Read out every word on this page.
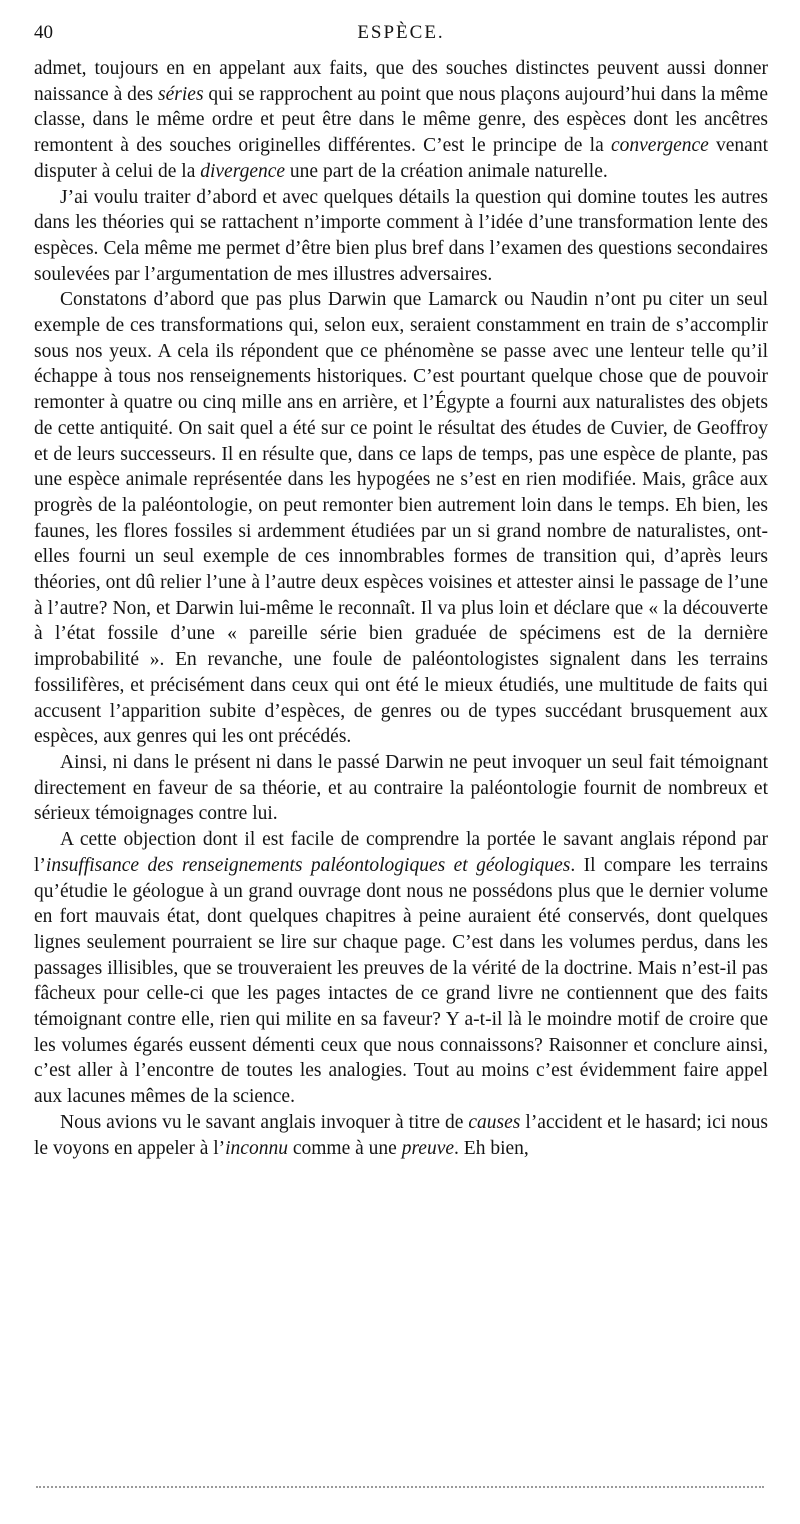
40	ESPÈCE.

admet, toujours en en appelant aux faits, que des souches distinctes peuvent aussi donner naissance à des séries qui se rapprochent au point que nous plaçons aujourd’hui dans la même classe, dans le même ordre et peut être dans le même genre, des espèces dont les ancêtres remontent à des souches originelles différentes. C’est le principe de la convergence venant disputer à celui de la divergence une part de la création animale naturelle.

J’ai voulu traiter d’abord et avec quelques détails la question qui domine toutes les autres dans les théories qui se rattachent n’importe comment à l’idée d’une transformation lente des espèces. Cela même me permet d’être bien plus bref dans l’examen des questions secondaires soulevées par l’argumentation de mes illustres adversaires.

Constatons d’abord que pas plus Darwin que Lamarck ou Naudin n’ont pu citer un seul exemple de ces transformations qui, selon eux, seraient constamment en train de s’accomplir sous nos yeux. A cela ils répondent que ce phénomène se passe avec une lenteur telle qu’il échappe à tous nos renseignements historiques. C’est pourtant quelque chose que de pouvoir remonter à quatre ou cinq mille ans en arrière, et l’Égypte a fourni aux naturalistes des objets de cette antiquité. On sait quel a été sur ce point le résultat des études de Cuvier, de Geoffroy et de leurs successeurs. Il en résulte que, dans ce laps de temps, pas une espèce de plante, pas une espèce animale représentée dans les hypogées ne s’est en rien modifiée. Mais, grâce aux progrès de la paléontologie, on peut remonter bien autrement loin dans le temps. Eh bien, les faunes, les flores fossiles si ardemment étudiées par un si grand nombre de naturalistes, ont-elles fourni un seul exemple de ces innombrables formes de transition qui, d’après leurs théories, ont dû relier l’une à l’autre deux espèces voisines et attester ainsi le passage de l’une à l’autre? Non, et Darwin lui-même le reconnaît. Il va plus loin et déclare que « la découverte à l’état fossile d’une « pareille série bien graduée de spécimens est de la dernière improbabilité ». En revanche, une foule de paléontologistes signalent dans les terrains fossilifères, et précisément dans ceux qui ont été le mieux étudiés, une multitude de faits qui accusent l’apparition subite d’espèces, de genres ou de types succédant brusquement aux espèces, aux genres qui les ont précédés.

Ainsi, ni dans le présent ni dans le passé Darwin ne peut invoquer un seul fait témoignant directement en faveur de sa théorie, et au contraire la paléontologie fournit de nombreux et sérieux témoignages contre lui.

A cette objection dont il est facile de comprendre la portée le savant anglais répond par l’insuffisance des renseignements paléontologiques et géologiques. Il compare les terrains qu’étudie le géologue à un grand ouvrage dont nous ne possédons plus que le dernier volume en fort mauvais état, dont quelques chapitres à peine auraient été conservés, dont quelques lignes seulement pourraient se lire sur chaque page. C’est dans les volumes perdus, dans les passages illisibles, que se trouveraient les preuves de la vérité de la doctrine. Mais n’est-il pas fâcheux pour celle-ci que les pages intactes de ce grand livre ne contiennent que des faits témoignant contre elle, rien qui milite en sa faveur? Y a-t-il là le moindre motif de croire que les volumes égarés eussent démenti ceux que nous connaissons? Raisonner et conclure ainsi, c’est aller à l’encontre de toutes les analogies. Tout au moins c’est évidemment faire appel aux lacunes mêmes de la science.

Nous avions vu le savant anglais invoquer à titre de causes l’accident et le hasard; ici nous le voyons en appeler à l’inconnu comme à une preuve. Eh bien,
